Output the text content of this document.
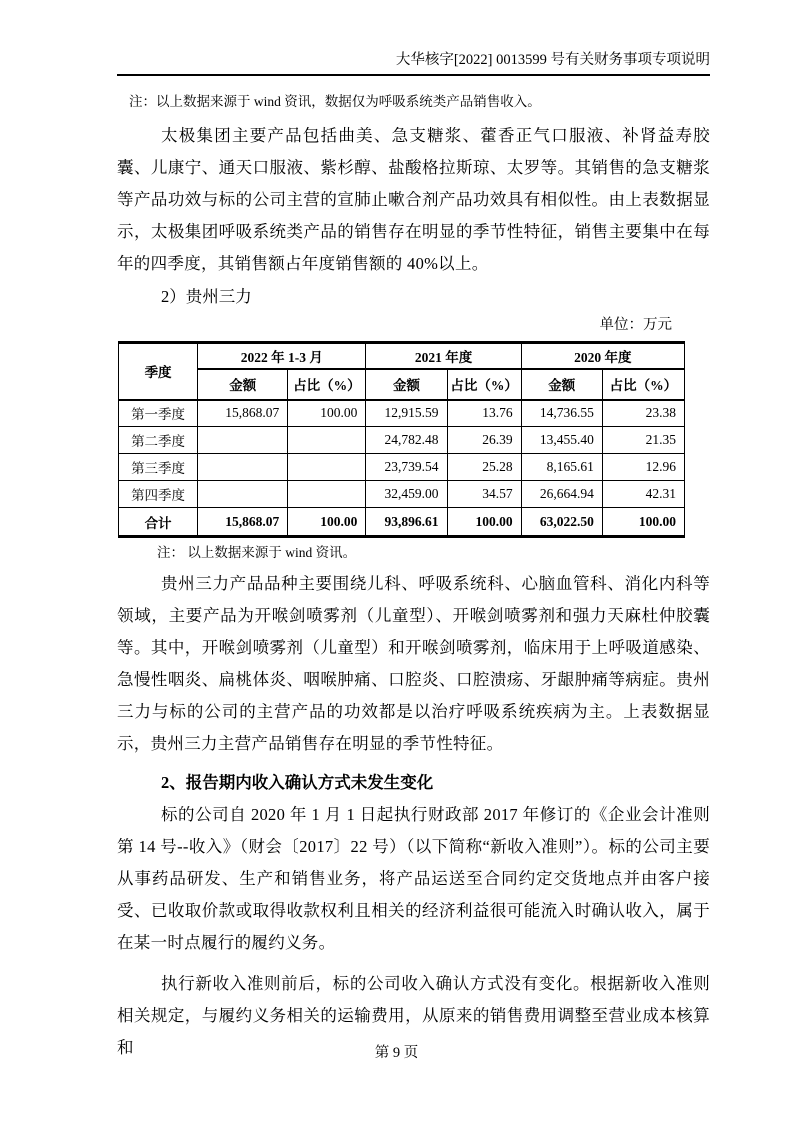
大华核字[2022] 0013599 号有关财务事项专项说明
注：以上数据来源于 wind 资讯，数据仅为呼吸系统类产品销售收入。

太极集团主要产品包括曲美、急支糖浆、藿香正气口服液、补肾益寿胶囊、儿康宁、通天口服液、紫杉醇、盐酸格拉斯琼、太罗等。其销售的急支糖浆等产品功效与标的公司主营的宣肺止嗽合剂产品功效具有相似性。由上表数据显示，太极集团呼吸系统类产品的销售存在明显的季节性特征，销售主要集中在每年的四季度，其销售额占年度销售额的 40%以上。

2）贵州三力
单位：万元
季度	2022 年 1-3 月		2021 年度		2020 年度	
	金额	占比（%）	金额	占比（%）	金额	占比（%）
第一季度	15,868.07	100.00	12,915.59	13.76	14,736.55	23.38
第二季度			24,782.48	26.39	13,455.40	21.35
第三季度			23,739.54	25.28	8,165.61	12.96
第四季度			32,459.00	34.57	26,664.94	42.31
合计	15,868.07	100.00	93,896.61	100.00	63,022.50	100.00
注： 以上数据来源于 wind 资讯。

贵州三力产品品种主要围绕儿科、呼吸系统科、心脑血管科、消化内科等领域，主要产品为开喉剑喷雾剂（儿童型）、开喉剑喷雾剂和强力天麻杜仲胶囊等。其中，开喉剑喷雾剂（儿童型）和开喉剑喷雾剂，临床用于上呼吸道感染、急慢性咽炎、扁桃体炎、咽喉肿痛、口腔炎、口腔溃疡、牙龈肿痛等病症。贵州三力与标的公司的主营产品的功效都是以治疗呼吸系统疾病为主。上表数据显示，贵州三力主营产品销售存在明显的季节性特征。

2、报告期内收入确认方式未发生变化

标的公司自 2020 年 1 月 1 日起执行财政部 2017 年修订的《企业会计准则第 14 号--收入》（财会〔2017〕22 号）（以下简称“新收入准则”）。标的公司主要从事药品研发、生产和销售业务，将产品运送至合同约定交货地点并由客户接受、已收取价款或取得收款权利且相关的经济利益很可能流入时确认收入，属于在某一时点履行的履约义务。

执行新收入准则前后，标的公司收入确认方式没有变化。根据新收入准则相关规定，与履约义务相关的运输费用，从原来的销售费用调整至营业成本核算和	第 9 页
